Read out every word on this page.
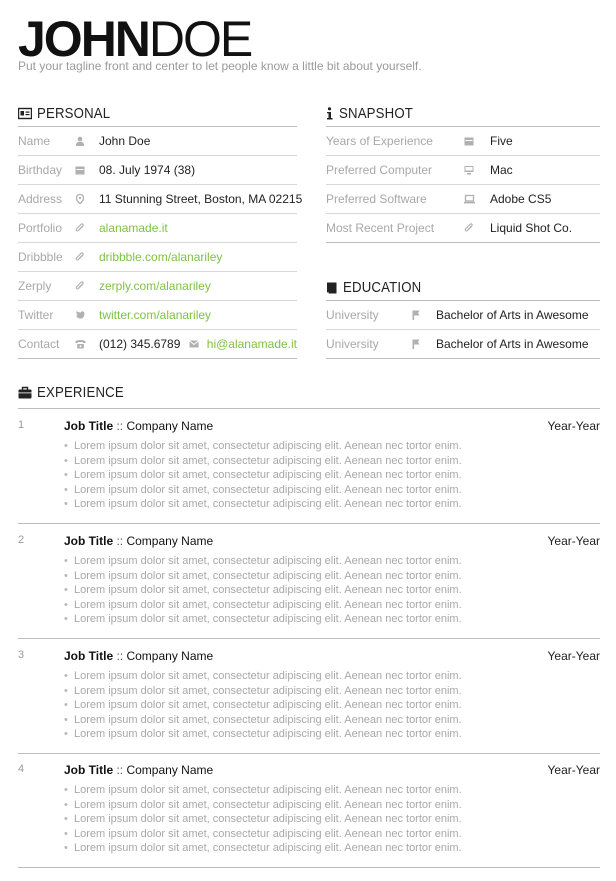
JOHNDOE
Put your tagline front and center to let people know a little bit about yourself.
PERSONAL
Name	John Doe
Birthday	08. July 1974 (38)
Address	11 Stunning Street, Boston, MA 02215
Portfolio	alanamade.it
Dribbble	dribbble.com/alanariley
Zerply	zerply.com/alanariley
Twitter	twitter.com/alanariley
Contact	(012) 345.6789 hi@alanamade.it
SNAPSHOT
Years of Experience	Five
Preferred Computer	Mac
Preferred Software	Adobe CS5
Most Recent Project	Liquid Shot Co.
EDUCATION
University	Bachelor of Arts in Awesome
University	Bachelor of Arts in Awesome
EXPERIENCE
1	Job Title :: Company Name	Year-Year
• Lorem ipsum dolor sit amet, consectetur adipiscing elit. Aenean nec tortor enim.
• Lorem ipsum dolor sit amet, consectetur adipiscing elit. Aenean nec tortor enim.
• Lorem ipsum dolor sit amet, consectetur adipiscing elit. Aenean nec tortor enim.
• Lorem ipsum dolor sit amet, consectetur adipiscing elit. Aenean nec tortor enim.
• Lorem ipsum dolor sit amet, consectetur adipiscing elit. Aenean nec tortor enim.
2	Job Title :: Company Name	Year-Year
• Lorem ipsum dolor sit amet, consectetur adipiscing elit. Aenean nec tortor enim.
• Lorem ipsum dolor sit amet, consectetur adipiscing elit. Aenean nec tortor enim.
• Lorem ipsum dolor sit amet, consectetur adipiscing elit. Aenean nec tortor enim.
• Lorem ipsum dolor sit amet, consectetur adipiscing elit. Aenean nec tortor enim.
• Lorem ipsum dolor sit amet, consectetur adipiscing elit. Aenean nec tortor enim.
3	Job Title :: Company Name	Year-Year
• Lorem ipsum dolor sit amet, consectetur adipiscing elit. Aenean nec tortor enim.
• Lorem ipsum dolor sit amet, consectetur adipiscing elit. Aenean nec tortor enim.
• Lorem ipsum dolor sit amet, consectetur adipiscing elit. Aenean nec tortor enim.
• Lorem ipsum dolor sit amet, consectetur adipiscing elit. Aenean nec tortor enim.
• Lorem ipsum dolor sit amet, consectetur adipiscing elit. Aenean nec tortor enim.
4	Job Title :: Company Name	Year-Year
• Lorem ipsum dolor sit amet, consectetur adipiscing elit. Aenean nec tortor enim.
• Lorem ipsum dolor sit amet, consectetur adipiscing elit. Aenean nec tortor enim.
• Lorem ipsum dolor sit amet, consectetur adipiscing elit. Aenean nec tortor enim.
• Lorem ipsum dolor sit amet, consectetur adipiscing elit. Aenean nec tortor enim.
• Lorem ipsum dolor sit amet, consectetur adipiscing elit. Aenean nec tortor enim.
